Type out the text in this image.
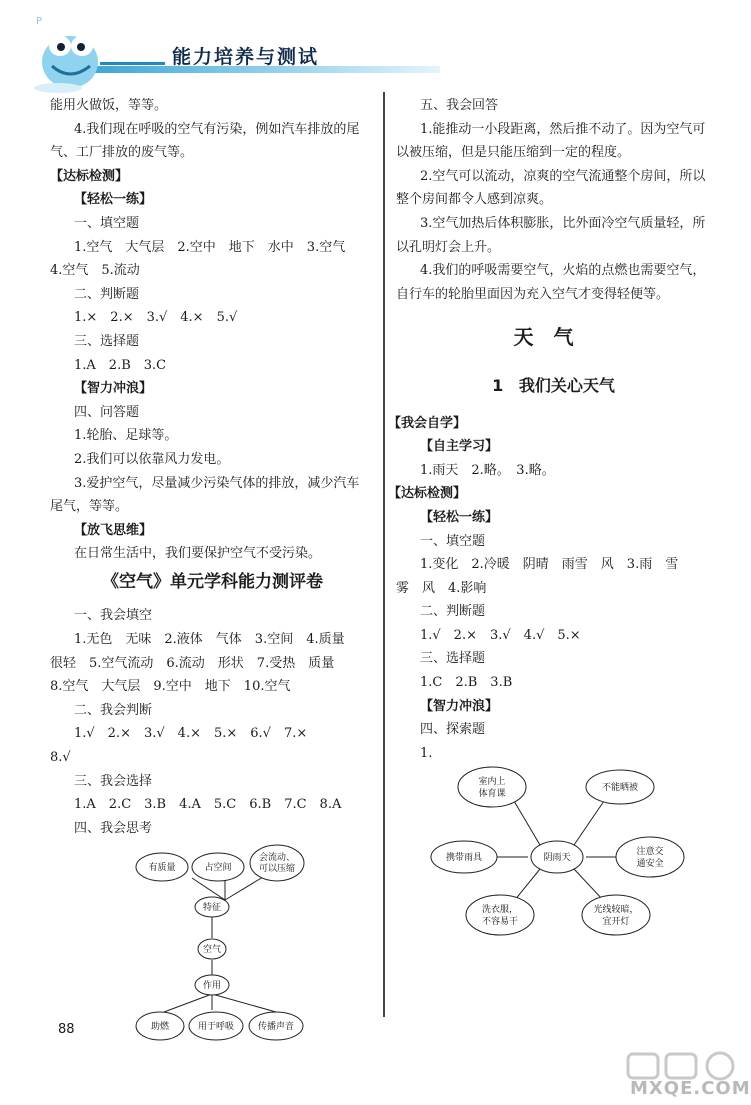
P
能力培养与测试
能用火做饭，等等。
4.我们现在呼吸的空气有污染，例如汽车排放的尾
气、工厂排放的废气等。
【达标检测】
【轻松一练】
一、填空题
1.空气　大气层　2.空中　地下　水中　3.空气
4.空气　5.流动
二、判断题
1.×　2.×　3.√　4.×　5.√
三、选择题
1.A　2.B　3.C
【智力冲浪】
四、问答题
1.轮胎、足球等。
2.我们可以依靠风力发电。
3.爱护空气，尽量减少污染气体的排放，减少汽车
尾气，等等。
【放飞思维】
在日常生活中，我们要保护空气不受污染。
《空气》单元学科能力测评卷
一、我会填空
1.无色　无味　2.液体　气体　3.空间　4.质量
很轻　5.空气流动　6.流动　形状　7.受热　质量
8.空气　大气层　9.空中　地下　10.空气
二、我会判断
1.√　2.×　3.√　4.×　5.×　6.√　7.×
8.√
三、我会选择
1.A　2.C　3.B　4.A　5.C　6.B　7.C　8.A
四、我会思考
有质量	占空间
会流动、
可以压缩
特征
空气
作用
助燃	用于呼吸	传播声音
五、我会回答
1.能推动一小段距离，然后推不动了。因为空气可
以被压缩，但是只能压缩到一定的程度。
2.空气可以流动，凉爽的空气流通整个房间，所以
整个房间都令人感到凉爽。
3.空气加热后体积膨胀，比外面冷空气质量轻，所
以孔明灯会上升。
4.我们的呼吸需要空气，火焰的点燃也需要空气，
自行车的轮胎里面因为充入空气才变得轻便等。
天气
1 我们关心天气
【我会自学】
【自主学习】
1.雨天　2.略。　3.略。
【达标检测】
【轻松一练】
一、填空题
1.变化　2.冷暖　阴晴　雨雪　风　3.雨　雪
雾　风　4.影响
二、判断题
1.√　2.×　3.√　4.√　5.×
三、选择题
1.C　2.B　3.B
【智力冲浪】
四、探索题
1.
室内上
体育课
不能晒被
阴雨天
携带雨具
注意交
通安全
洗衣服，
不容易干
光线较暗，
宜开灯
88
MXQE.COM
